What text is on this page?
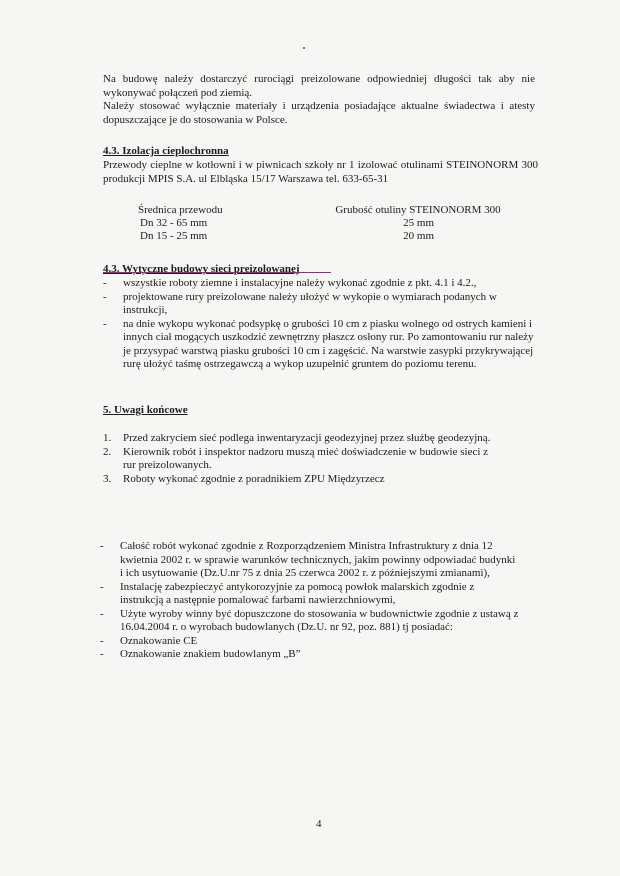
Na budowę należy dostarczyć rurociągi preizolowane odpowiedniej długości tak aby nie wykonywać połączeń pod ziemią.

Należy stosować wyłącznie materiały i urządzenia posiadające aktualne świadectwa i atesty dopuszczające je do stosowania w Polsce.

4.3. Izolacja cieplochronna
Przewody cieplne w kotłowni i w piwnicach szkoły nr 1 izolować otulinami STEINONORM 300 produkcji MPIS S.A. ul Elbląska 15/17 Warszawa tel. 633-65-31
Średnica przewodu	Grubość otuliny STEINONORM 300
Dn 32 - 65 mm	25 mm
Dn 15 - 25 mm	20 mm
4.3. Wytyczne budowy sieci preizolowanej
- wszystkie roboty ziemne i instalacyjne należy wykonać zgodnie z pkt. 4.1 i 4.2.,
- projektowane rury preizolowane należy ułożyć w wykopie o wymiarach podanych w instrukcji,
- na dnie wykopu wykonać podsypkę o grubości 10 cm z piasku wolnego od ostrych kamieni i innych ciał mogących uszkodzić zewnętrzny płaszcz osłony rur. Po zamontowaniu rur należy je przysypać warstwą piasku grubości 10 cm i zagęścić. Na warstwie zasypki przykrywającej rurę ułożyć taśmę ostrzegawczą a wykop uzupełnić gruntem do poziomu terenu.
5. Uwagi końcowe
1. Przed zakryciem sieć podlega inwentaryzacji geodezyjnej przez służbę geodezyjną.
2. Kierownik robót i inspektor nadzoru muszą mieć doświadczenie w budowie sieci z rur preizolowanych.
3. Roboty wykonać zgodnie z poradnikiem ZPU Międzyrzecz
- Całość robót wykonać zgodnie z Rozporządzeniem Ministra Infrastruktury z dnia 12 kwietnia 2002 r. w sprawie warunków technicznych, jakim powinny odpowiadać budynki i ich usytuowanie (Dz.U.nr 75 z dnia 25 czerwca 2002 r. z późniejszymi zmianami),
- Instalację zabezpieczyć antykorozyjnie za pomocą powłok malarskich zgodnie z instrukcją a następnie pomalować farbami nawierzchniowymi,
- Użyte wyroby winny być dopuszczone do stosowania w budownictwie zgodnie z ustawą z 16.04.2004 r. o wyrobach budowlanych (Dz.U. nr 92, poz. 881) tj posiadać:
- Oznakowanie CE
- Oznakowanie znakiem budowlanym „B”
4
